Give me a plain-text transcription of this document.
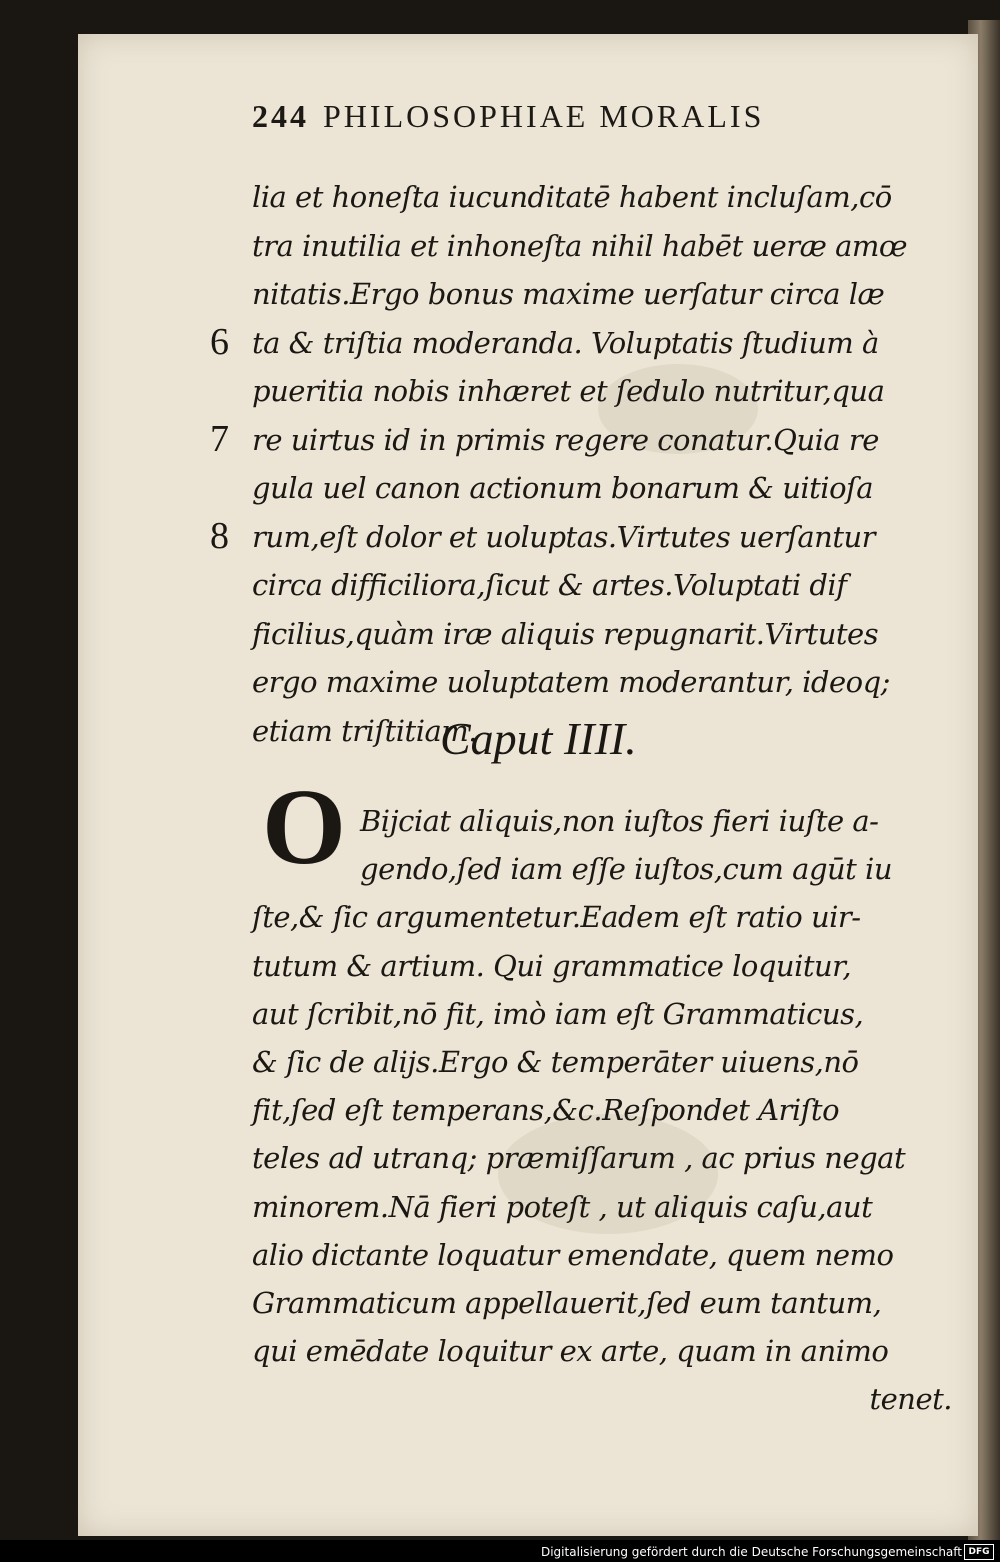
244 PHILOSOPHIAE MORALIS
lia et honeſta iucunditatē habent incluſam,cō
tra inutilia et inhoneſta nihil habēt ueræ amœ
nitatis.Ergo bonus maxime uerſatur circa læ
ta & triſtia moderanda. Voluptatis ſtudium à
pueritia nobis inhæret et ſedulo nutritur,qua
re uirtus id in primis regere conatur.Quia re
gula uel canon actionum bonarum & uitioſa
rum,eſt dolor et uoluptas.Virtutes uerſantur
circa difficiliora,ſicut & artes.Voluptati dif
ficilius,quàm iræ aliquis repugnarit.Virtutes
ergo maxime uoluptatem moderantur, ideoq;
etiam triſtitiam.
6
7
8
Caput IIII.
O Bijciat aliquis,non iuſtos fieri iuſte a-
gendo,ſed iam eſſe iuſtos,cum agūt iu
ſte,& ſic argumentetur.Eadem eſt ratio uir-
tutum & artium. Qui grammatice loquitur,
aut ſcribit,nō fit, imò iam eſt Grammaticus,
& ſic de alijs.Ergo & temperāter uiuens,nō
fit,ſed eſt temperans,&c.Reſpondet Ariſto
teles ad utranq; præmiſſarum , ac prius negat
minorem.Nā fieri poteſt , ut aliquis caſu,aut
alio dictante loquatur emendate, quem nemo
Grammaticum appellauerit,ſed eum tantum,
qui emēdate loquitur ex arte, quam in animo
tenet.
Digitalisierung gefördert durch die Deutsche Forschungsgemeinschaft DFG
